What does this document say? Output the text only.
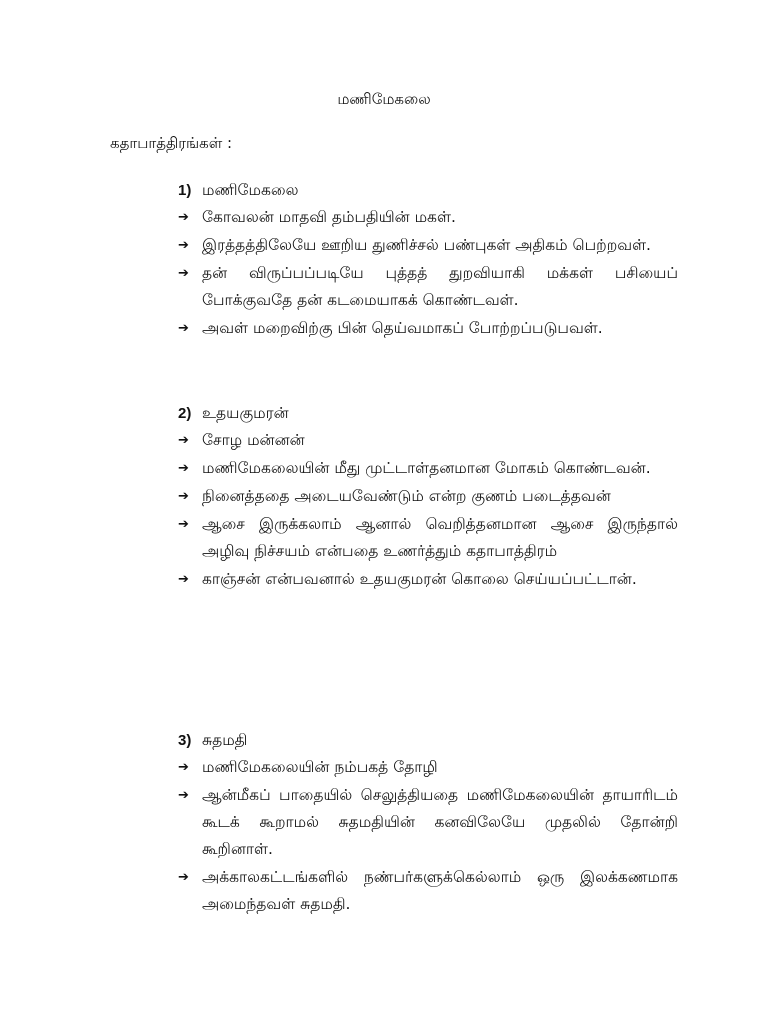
மணிமேகலை
கதாபாத்திரங்கள் :
1) மணிமேகலை
➔ கோவலன் மாதவி தம்பதியின் மகள்.
➔ இரத்தத்திலேயே ஊறிய துணிச்சல் பண்புகள் அதிகம் பெற்றவள்.
➔ தன் விருப்பப்படியே புத்தத் துறவியாகி மக்கள் பசியைப் போக்குவதே தன் கடமையாகக் கொண்டவள்.
➔ அவள் மறைவிற்கு பின் தெய்வமாகப் போற்றப்படுபவள்.
2) உதயகுமரன்
➔ சோழ மன்னன்
➔ மணிமேகலையின் மீது முட்டாள்தனமான மோகம் கொண்டவன்.
➔ நினைத்ததை அடையவேண்டும் என்ற குணம் படைத்தவன்
➔ ஆசை இருக்கலாம் ஆனால் வெறித்தனமான ஆசை இருந்தால் அழிவு நிச்சயம் என்பதை உணர்த்தும் கதாபாத்திரம்
➔ காஞ்சன் என்பவனால் உதயகுமரன் கொலை செய்யப்பட்டான்.
3) சுதமதி
➔ மணிமேகலையின் நம்பகத் தோழி
➔ ஆன்மீகப் பாதையில் செலுத்தியதை மணிமேகலையின் தாயாரிடம் கூடக் கூறாமல் சுதமதியின் கனவிலேயே முதலில் தோன்றி கூறினாள்.
➔ அக்காலகட்டங்களில் நண்பர்களுக்கெல்லாம் ஒரு இலக்கணமாக அமைந்தவள் சுதமதி.
